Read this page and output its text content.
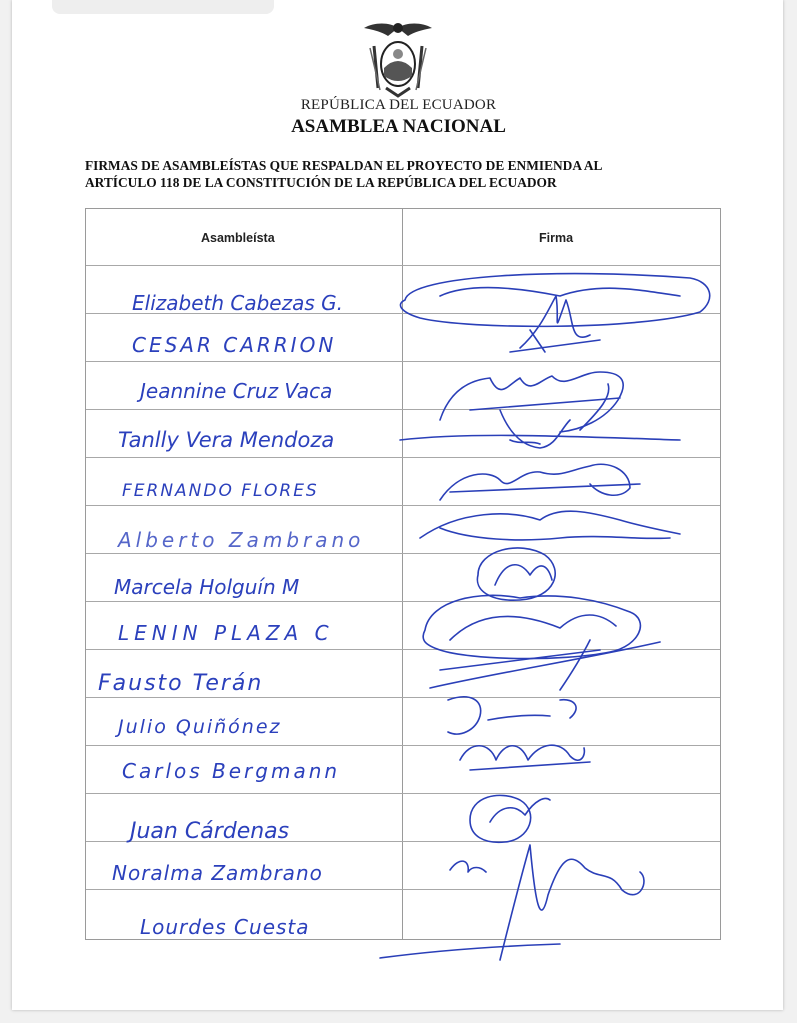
REPÚBLICA DEL ECUADOR
ASAMBLEA NACIONAL
FIRMAS DE ASAMBLEÍSTAS QUE RESPALDAN EL PROYECTO DE ENMIENDA AL
ARTÍCULO 118 DE LA CONSTITUCIÓN DE LA REPÚBLICA DEL ECUADOR
Asambleísta	Firma
Elizabeth Cabezas G.
CESAR CARRION
Jeannine Cruz Vaca
Tanlly Vera Mendoza
FERNANDO FLORES
Alberto Zambrano
Marcela Holguín M
LENIN PLAZA C
Fausto Terán
Julio Quiñónez
Carlos Bergmann
Juan Cárdenas
Noralma Zambrano
Lourdes Cuesta
